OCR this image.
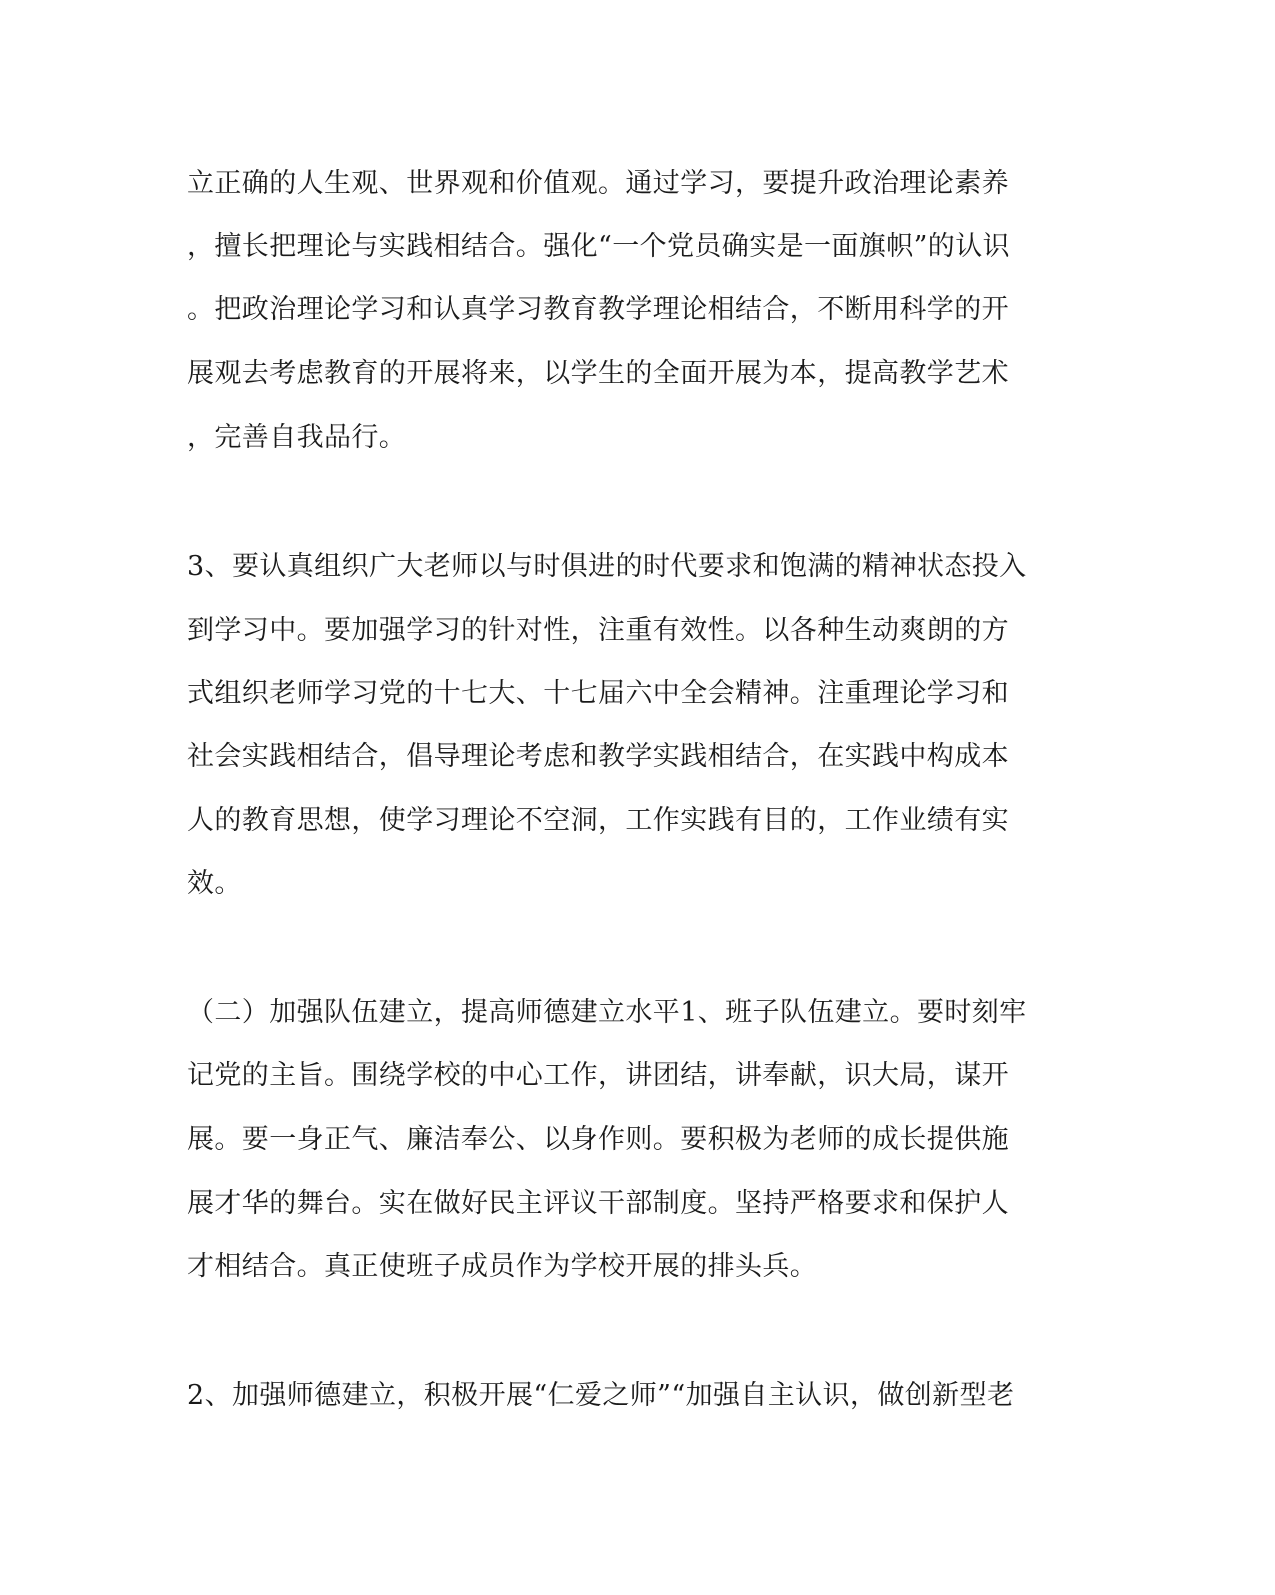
立正确的人生观、世界观和价值观。通过学习，要提升政治理论素养
，擅长把理论与实践相结合。强化“一个党员确实是一面旗帜”的认识
。把政治理论学习和认真学习教育教学理论相结合，不断用科学的开
展观去考虑教育的开展将来，以学生的全面开展为本，提高教学艺术
，完善自我品行。
3、要认真组织广大老师以与时俱进的时代要求和饱满的精神状态投入
到学习中。要加强学习的针对性，注重有效性。以各种生动爽朗的方
式组织老师学习党的十七大、十七届六中全会精神。注重理论学习和
社会实践相结合，倡导理论考虑和教学实践相结合，在实践中构成本
人的教育思想，使学习理论不空洞，工作实践有目的，工作业绩有实
效。
（二）加强队伍建立，提高师德建立水平1、班子队伍建立。要时刻牢
记党的主旨。围绕学校的中心工作，讲团结，讲奉献，识大局，谋开
展。要一身正气、廉洁奉公、以身作则。要积极为老师的成长提供施
展才华的舞台。实在做好民主评议干部制度。坚持严格要求和保护人
才相结合。真正使班子成员作为学校开展的排头兵。
2、加强师德建立，积极开展“仁爱之师”“加强自主认识，做创新型老
